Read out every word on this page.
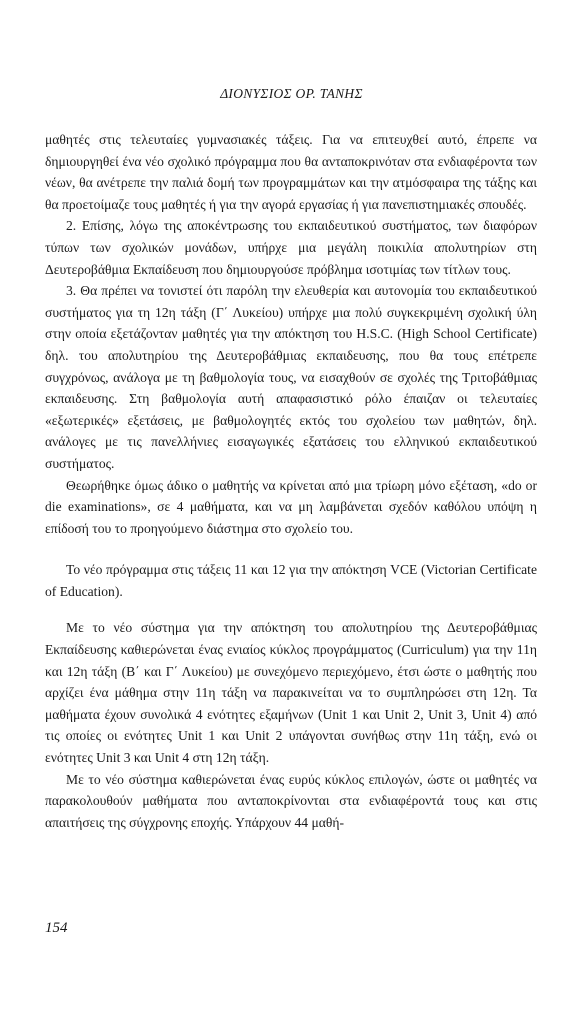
ΔΙΟΝΥΣΙΟΣ ΟΡ. ΤΑΝΗΣ

μαθητές στις τελευταίες γυμνασιακές τάξεις. Για να επιτευχθεί αυτό, έπρεπε να δημιουργηθεί ένα νέο σχολικό πρόγραμμα που θα ανταποκρινόταν στα ενδιαφέροντα των νέων, θα ανέτρεπε την παλιά δομή των προγραμμάτων και την ατμόσφαιρα της τάξης και θα προετοίμαζε τους μαθητές ή για την αγορά εργασίας ή για πανεπιστημιακές σπουδές.

2. Επίσης, λόγω της αποκέντρωσης του εκπαιδευτικού συστήματος, των διαφόρων τύπων των σχολικών μονάδων, υπήρχε μια μεγάλη ποικιλία απολυτηρίων στη Δευτεροβάθμια Εκπαίδευση που δημιουργούσε πρόβλημα ισοτιμίας των τίτλων τους.

3. Θα πρέπει να τονιστεί ότι παρόλη την ελευθερία και αυτονομία του εκπαιδευτικού συστήματος για τη 12η τάξη (Γ΄ Λυκείου) υπήρχε μια πολύ συγκεκριμένη σχολική ύλη στην οποία εξετάζονταν μαθητές για την απόκτηση του H.S.C. (High School Certificate) δηλ. του απολυτηρίου της Δευτεροβάθμιας εκπαιδευσης, που θα τους επέτρεπε συγχρόνως, ανάλογα με τη βαθμολογία τους, να εισαχθούν σε σχολές της Τριτοβάθμιας εκπαιδευσης. Στη βαθμολογία αυτή απαφασιστικό ρόλο έπαιζαν οι τελευταίες «εξωτερικές» εξετάσεις, με βαθμολογητές εκτός του σχολείου των μαθητών, δηλ. ανάλογες με τις πανελλήνιες εισαγωγικές εξατάσεις του ελληνικού εκπαιδευτικού συστήματος.

Θεωρήθηκε όμως άδικο ο μαθητής να κρίνεται από μια τρίωρη μόνο εξέταση, «do or die examinations», σε 4 μαθήματα, και να μη λαμβάνεται σχεδόν καθόλου υπόψη η επίδοσή του το προηγούμενο διάστημα στο σχολείο του.

Το νέο πρόγραμμα στις τάξεις 11 και 12 για την απόκτηση VCE (Victorian Certificate of Education).

Με το νέο σύστημα για την απόκτηση του απολυτηρίου της Δευτεροβάθμιας Εκπαίδευσης καθιερώνεται ένας ενιαίος κύκλος προγράμματος (Curriculum) για την 11η και 12η τάξη (Β΄ και Γ΄ Λυκείου) με συνεχόμενο περιεχόμενο, έτσι ώστε ο μαθητής που αρχίζει ένα μάθημα στην 11η τάξη να παρακινείται να το συμπληρώσει στη 12η. Τα μαθήματα έχουν συνολικά 4 ενότητες εξαμήνων (Unit 1 και Unit 2, Unit 3, Unit 4) από τις οποίες οι ενότητες Unit 1 και Unit 2 υπάγονται συνήθως στην 11η τάξη, ενώ οι ενότητες Unit 3 και Unit 4 στη 12η τάξη.

Με το νέο σύστημα καθιερώνεται ένας ευρύς κύκλος επιλογών, ώστε οι μαθητές να παρακολουθούν μαθήματα που ανταποκρίνονται στα ενδιαφέροντά τους και στις απαιτήσεις της σύγχρονης εποχής. Υπάρχουν 44 μαθή-

154
